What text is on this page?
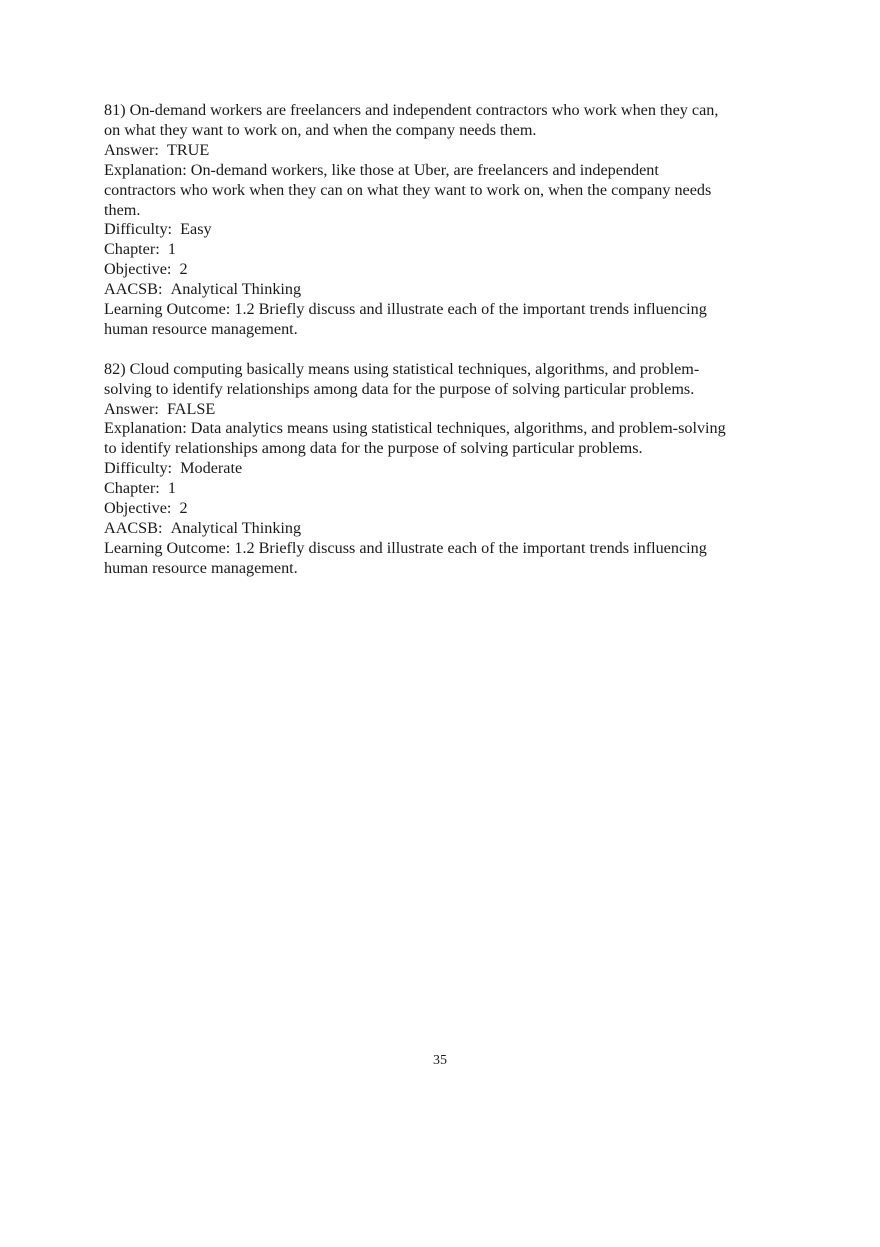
81) On-demand workers are freelancers and independent contractors who work when they can,
on what they want to work on, and when the company needs them.
Answer: TRUE
Explanation: On-demand workers, like those at Uber, are freelancers and independent
contractors who work when they can on what they want to work on, when the company needs
them.
Difficulty: Easy
Chapter: 1
Objective: 2
AACSB: Analytical Thinking
Learning Outcome: 1.2 Briefly discuss and illustrate each of the important trends influencing
human resource management.
82) Cloud computing basically means using statistical techniques, algorithms, and problem-
solving to identify relationships among data for the purpose of solving particular problems.
Answer: FALSE
Explanation: Data analytics means using statistical techniques, algorithms, and problem-solving
to identify relationships among data for the purpose of solving particular problems.
Difficulty: Moderate
Chapter: 1
Objective: 2
AACSB: Analytical Thinking
Learning Outcome: 1.2 Briefly discuss and illustrate each of the important trends influencing
human resource management.
35
